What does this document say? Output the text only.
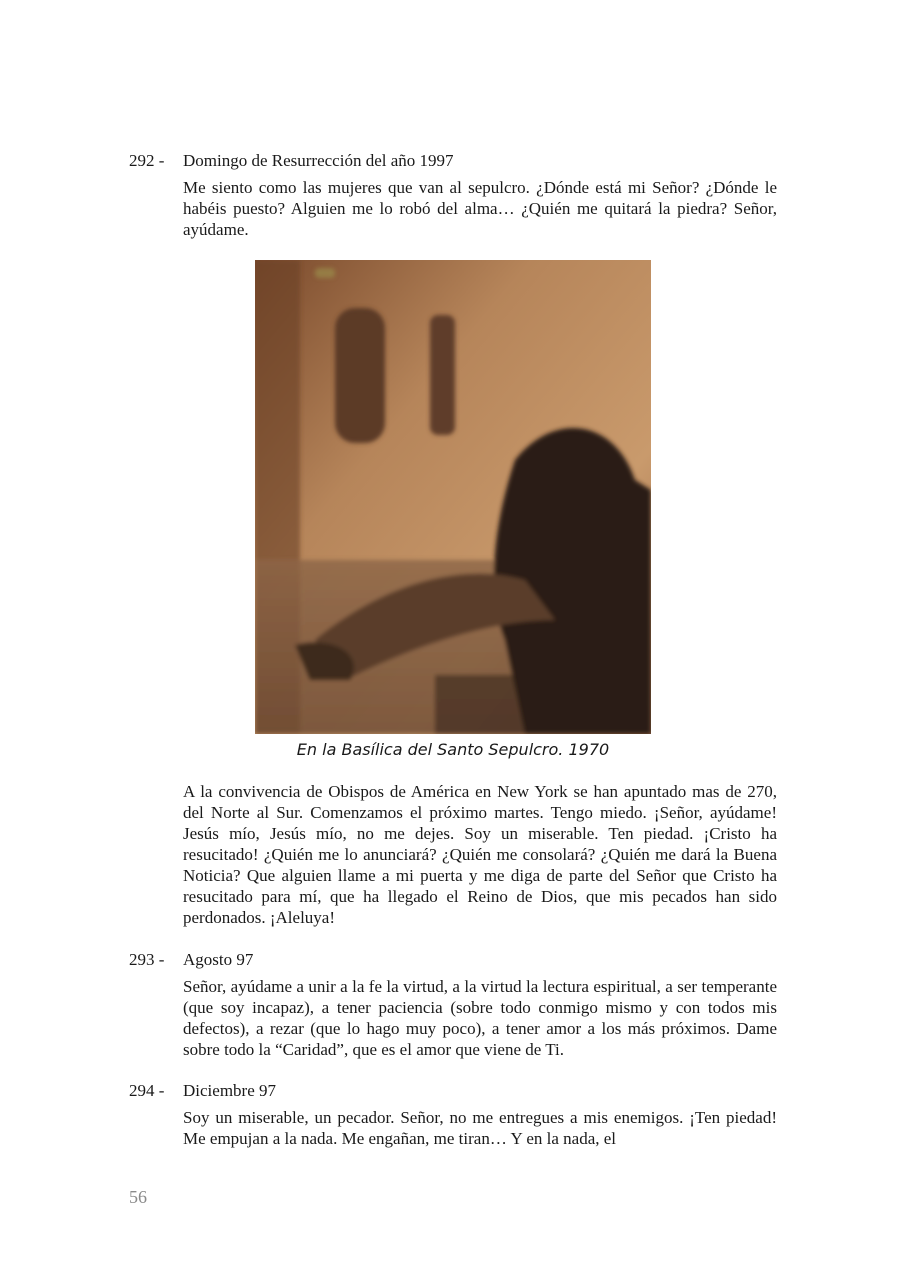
292 -	Domingo de Resurrección del año 1997

Me siento como las mujeres que van al sepulcro. ¿Dónde está mi Señor? ¿Dónde le habéis puesto? Alguien me lo robó del alma… ¿Quién me quitará la piedra? Señor, ayúdame.

En la Basílica del Santo Sepulcro. 1970

A la convivencia de Obispos de América en New York se han apuntado mas de 270, del Norte al Sur. Comenzamos el próximo martes. Tengo miedo. ¡Señor, ayúdame! Jesús mío, Jesús mío, no me dejes. Soy un miserable. Ten piedad. ¡Cristo ha resucitado! ¿Quién me lo anunciará? ¿Quién me consolará? ¿Quién me dará la Buena Noticia? Que alguien llame a mi puerta y me diga de parte del Señor que Cristo ha resucitado para mí, que ha llegado el Reino de Dios, que mis pecados han sido perdonados. ¡Aleluya!

293 -	Agosto 97

Señor, ayúdame a unir a la fe la virtud, a la virtud la lectura espiritual, a ser temperante (que soy incapaz), a tener paciencia (sobre todo conmigo mismo y con todos mis defectos), a rezar (que lo hago muy poco), a tener amor a los más próximos. Dame sobre todo la “Caridad”, que es el amor que viene de Ti.

294 -	Diciembre 97

Soy un miserable, un pecador. Señor, no me entregues a mis enemigos. ¡Ten piedad! Me empujan a la nada. Me engañan, me tiran… Y en la nada, el

56
